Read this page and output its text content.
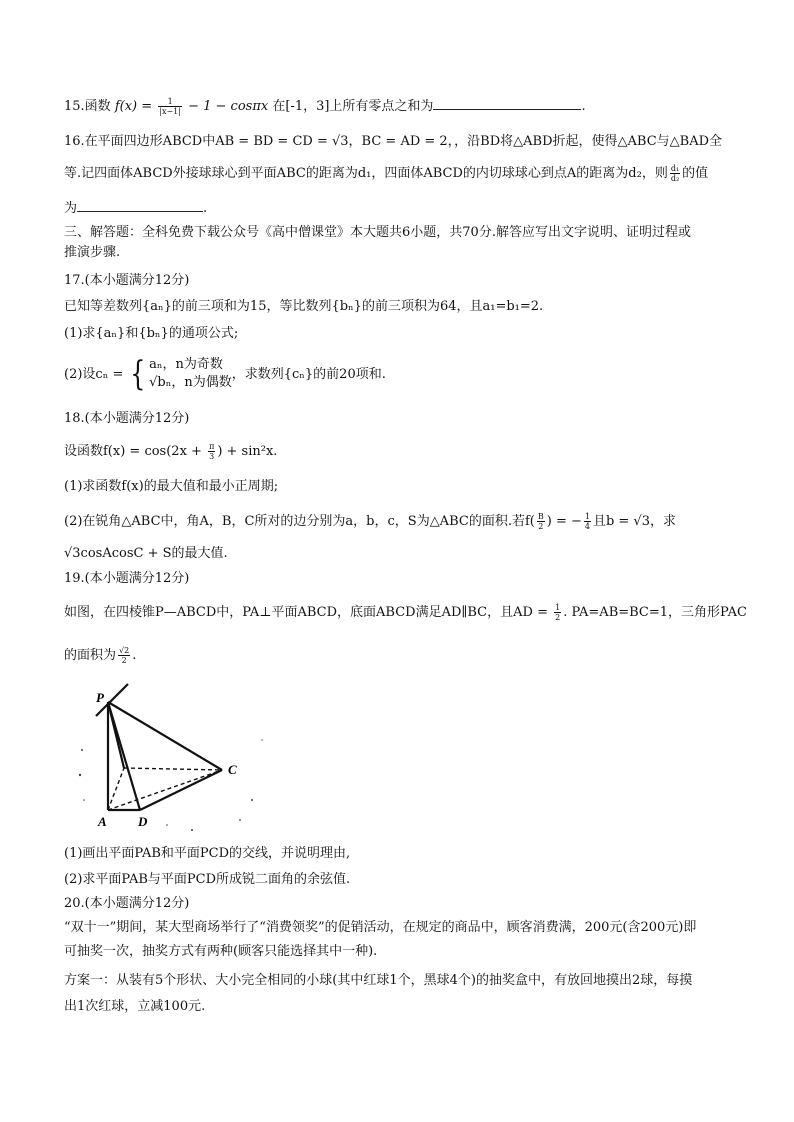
15.函数 $f(x) = \frac{1}{|x-1|} - 1 - \cos\pi x$ 在[-1，3]上所有零点之和为	.
16.在平面四边形ABCD中AB = BD = CD = √3，BC = AD = 2，，沿BD将△ABD折起，使得△ABC与△BAD全
等.记四面体ABCD外接球球心到平面ABC的距离为d₁，四面体ABCD的内切球球心到点A的距离为d₂，则 $\frac{\text{d₁}}{\text{d₂}}$ 的值
为	.
三、解答题：全科免费下载公众号《高中僧课堂》本大题共6小题，共70分.解答应写出文字说明、证明过程或
推演步骤.
17.(本小题满分12分)
已知等差数列{aₙ}的前三项和为15，等比数列{bₙ}的前三项积为64，且a₁=b₁=2.
(1)求{aₙ}和{bₙ}的通项公式;
(2)设cₙ = { aₙ，n为奇数
√bₙ，n为偶数
，求数列{cₙ}的前20项和.
18.(本小题满分12分)
设函数$f(x) = \cos(2x + \frac{\pi}{3}$ ) + sin²x.
(1)求函数f(x)的最大值和最小正周期;
(2)在锐角△ABC中，角A，B，C所对的边分别为a，b，c，S为△ABC的面积.若$f( \frac{B}{2}$ ) = − $\frac{1}{4}$ 且b = √3，求
√3cosAcosC + S的最大值.
19.(本小题满分12分)
如图，在四棱锥P—ABCD中，PA⊥平面ABCD，底面ABCD满足AD∥BC，且AD = $\frac{1}{2}$ . PA=AB=BC=1，三角形PAC
的面积为 $\frac{√2}{2}$ .
P
C
A D
(1)画出平面PAB和平面PCD的交线，并说明理由,
(2)求平面PAB与平面PCD所成锐二面角的余弦值.
20.(本小题满分12分)
“双十一”期间，某大型商场举行了“消费领奖”的促销活动，在规定的商品中，顾客消费满，200元(含200元)即
可抽奖一次，抽奖方式有两种(顾客只能选择其中一种).
方案一：从装有5个形状、大小完全相同的小球(其中红球1个，黑球4个)的抽奖盒中，有放回地摸出2球，每摸
出1次红球，立减100元.
